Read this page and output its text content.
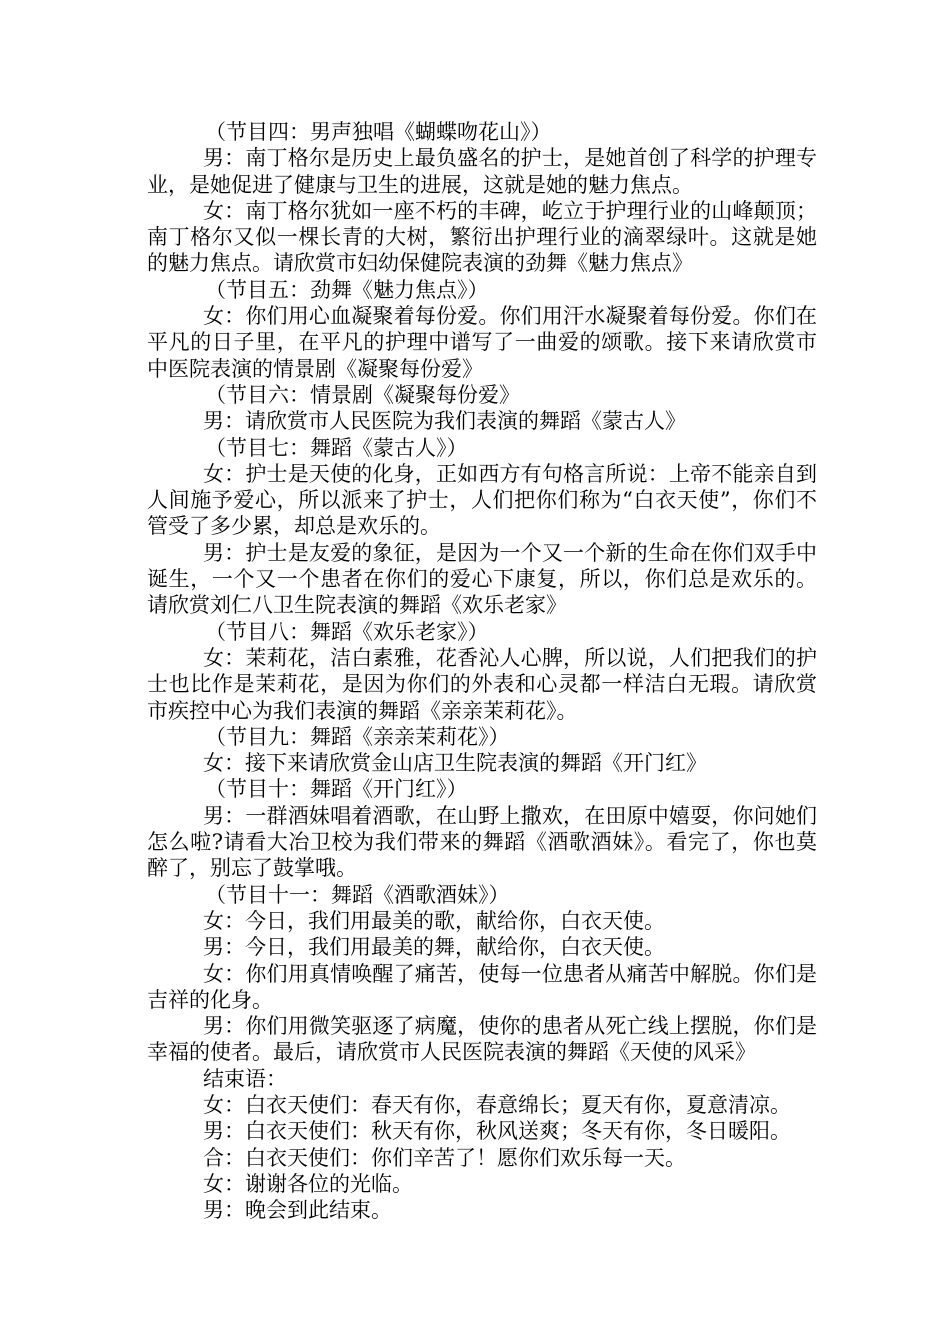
（节目四：男声独唱《蝴蝶吻花山》）

男：南丁格尔是历史上最负盛名的护士，是她首创了科学的护理专业，是她促进了健康与卫生的进展，这就是她的魅力焦点。

女：南丁格尔犹如一座不朽的丰碑，屹立于护理行业的山峰颠顶；南丁格尔又似一棵长青的大树，繁衍出护理行业的滴翠绿叶。这就是她的魅力焦点。请欣赏市妇幼保健院表演的劲舞《魅力焦点》

（节目五：劲舞《魅力焦点》）

女：你们用心血凝聚着每份爱。你们用汗水凝聚着每份爱。你们在平凡的日子里，在平凡的护理中谱写了一曲爱的颂歌。接下来请欣赏市中医院表演的情景剧《凝聚每份爱》

（节目六：情景剧《凝聚每份爱》

男：请欣赏市人民医院为我们表演的舞蹈《蒙古人》

（节目七：舞蹈《蒙古人》）

女：护士是天使的化身，正如西方有句格言所说：上帝不能亲自到人间施予爱心，所以派来了护士，人们把你们称为“白衣天使”，你们不管受了多少累，却总是欢乐的。

男：护士是友爱的象征，是因为一个又一个新的生命在你们双手中诞生，一个又一个患者在你们的爱心下康复，所以，你们总是欢乐的。请欣赏刘仁八卫生院表演的舞蹈《欢乐老家》

（节目八：舞蹈《欢乐老家》）

女：茉莉花，洁白素雅，花香沁人心脾，所以说，人们把我们的护士也比作是茉莉花，是因为你们的外表和心灵都一样洁白无瑕。请欣赏市疾控中心为我们表演的舞蹈《亲亲茉莉花》。

（节目九：舞蹈《亲亲茉莉花》）

女：接下来请欣赏金山店卫生院表演的舞蹈《开门红》

（节目十：舞蹈《开门红》）

男：一群酒妹唱着酒歌，在山野上撒欢，在田原中嬉耍，你问她们怎么啦?请看大冶卫校为我们带来的舞蹈《酒歌酒妹》。看完了，你也莫醉了，别忘了鼓掌哦。

（节目十一：舞蹈《酒歌酒妹》）

女：今日，我们用最美的歌，献给你，白衣天使。

男：今日，我们用最美的舞，献给你，白衣天使。

女：你们用真情唤醒了痛苦，使每一位患者从痛苦中解脱。你们是吉祥的化身。

男：你们用微笑驱逐了病魔，使你的患者从死亡线上摆脱，你们是幸福的使者。最后，请欣赏市人民医院表演的舞蹈《天使的风采》

结束语：

女：白衣天使们：春天有你，春意绵长；夏天有你，夏意清凉。

男：白衣天使们：秋天有你，秋风送爽；冬天有你，冬日暖阳。

合：白衣天使们：你们辛苦了！愿你们欢乐每一天。

女：谢谢各位的光临。

男：晚会到此结束。
